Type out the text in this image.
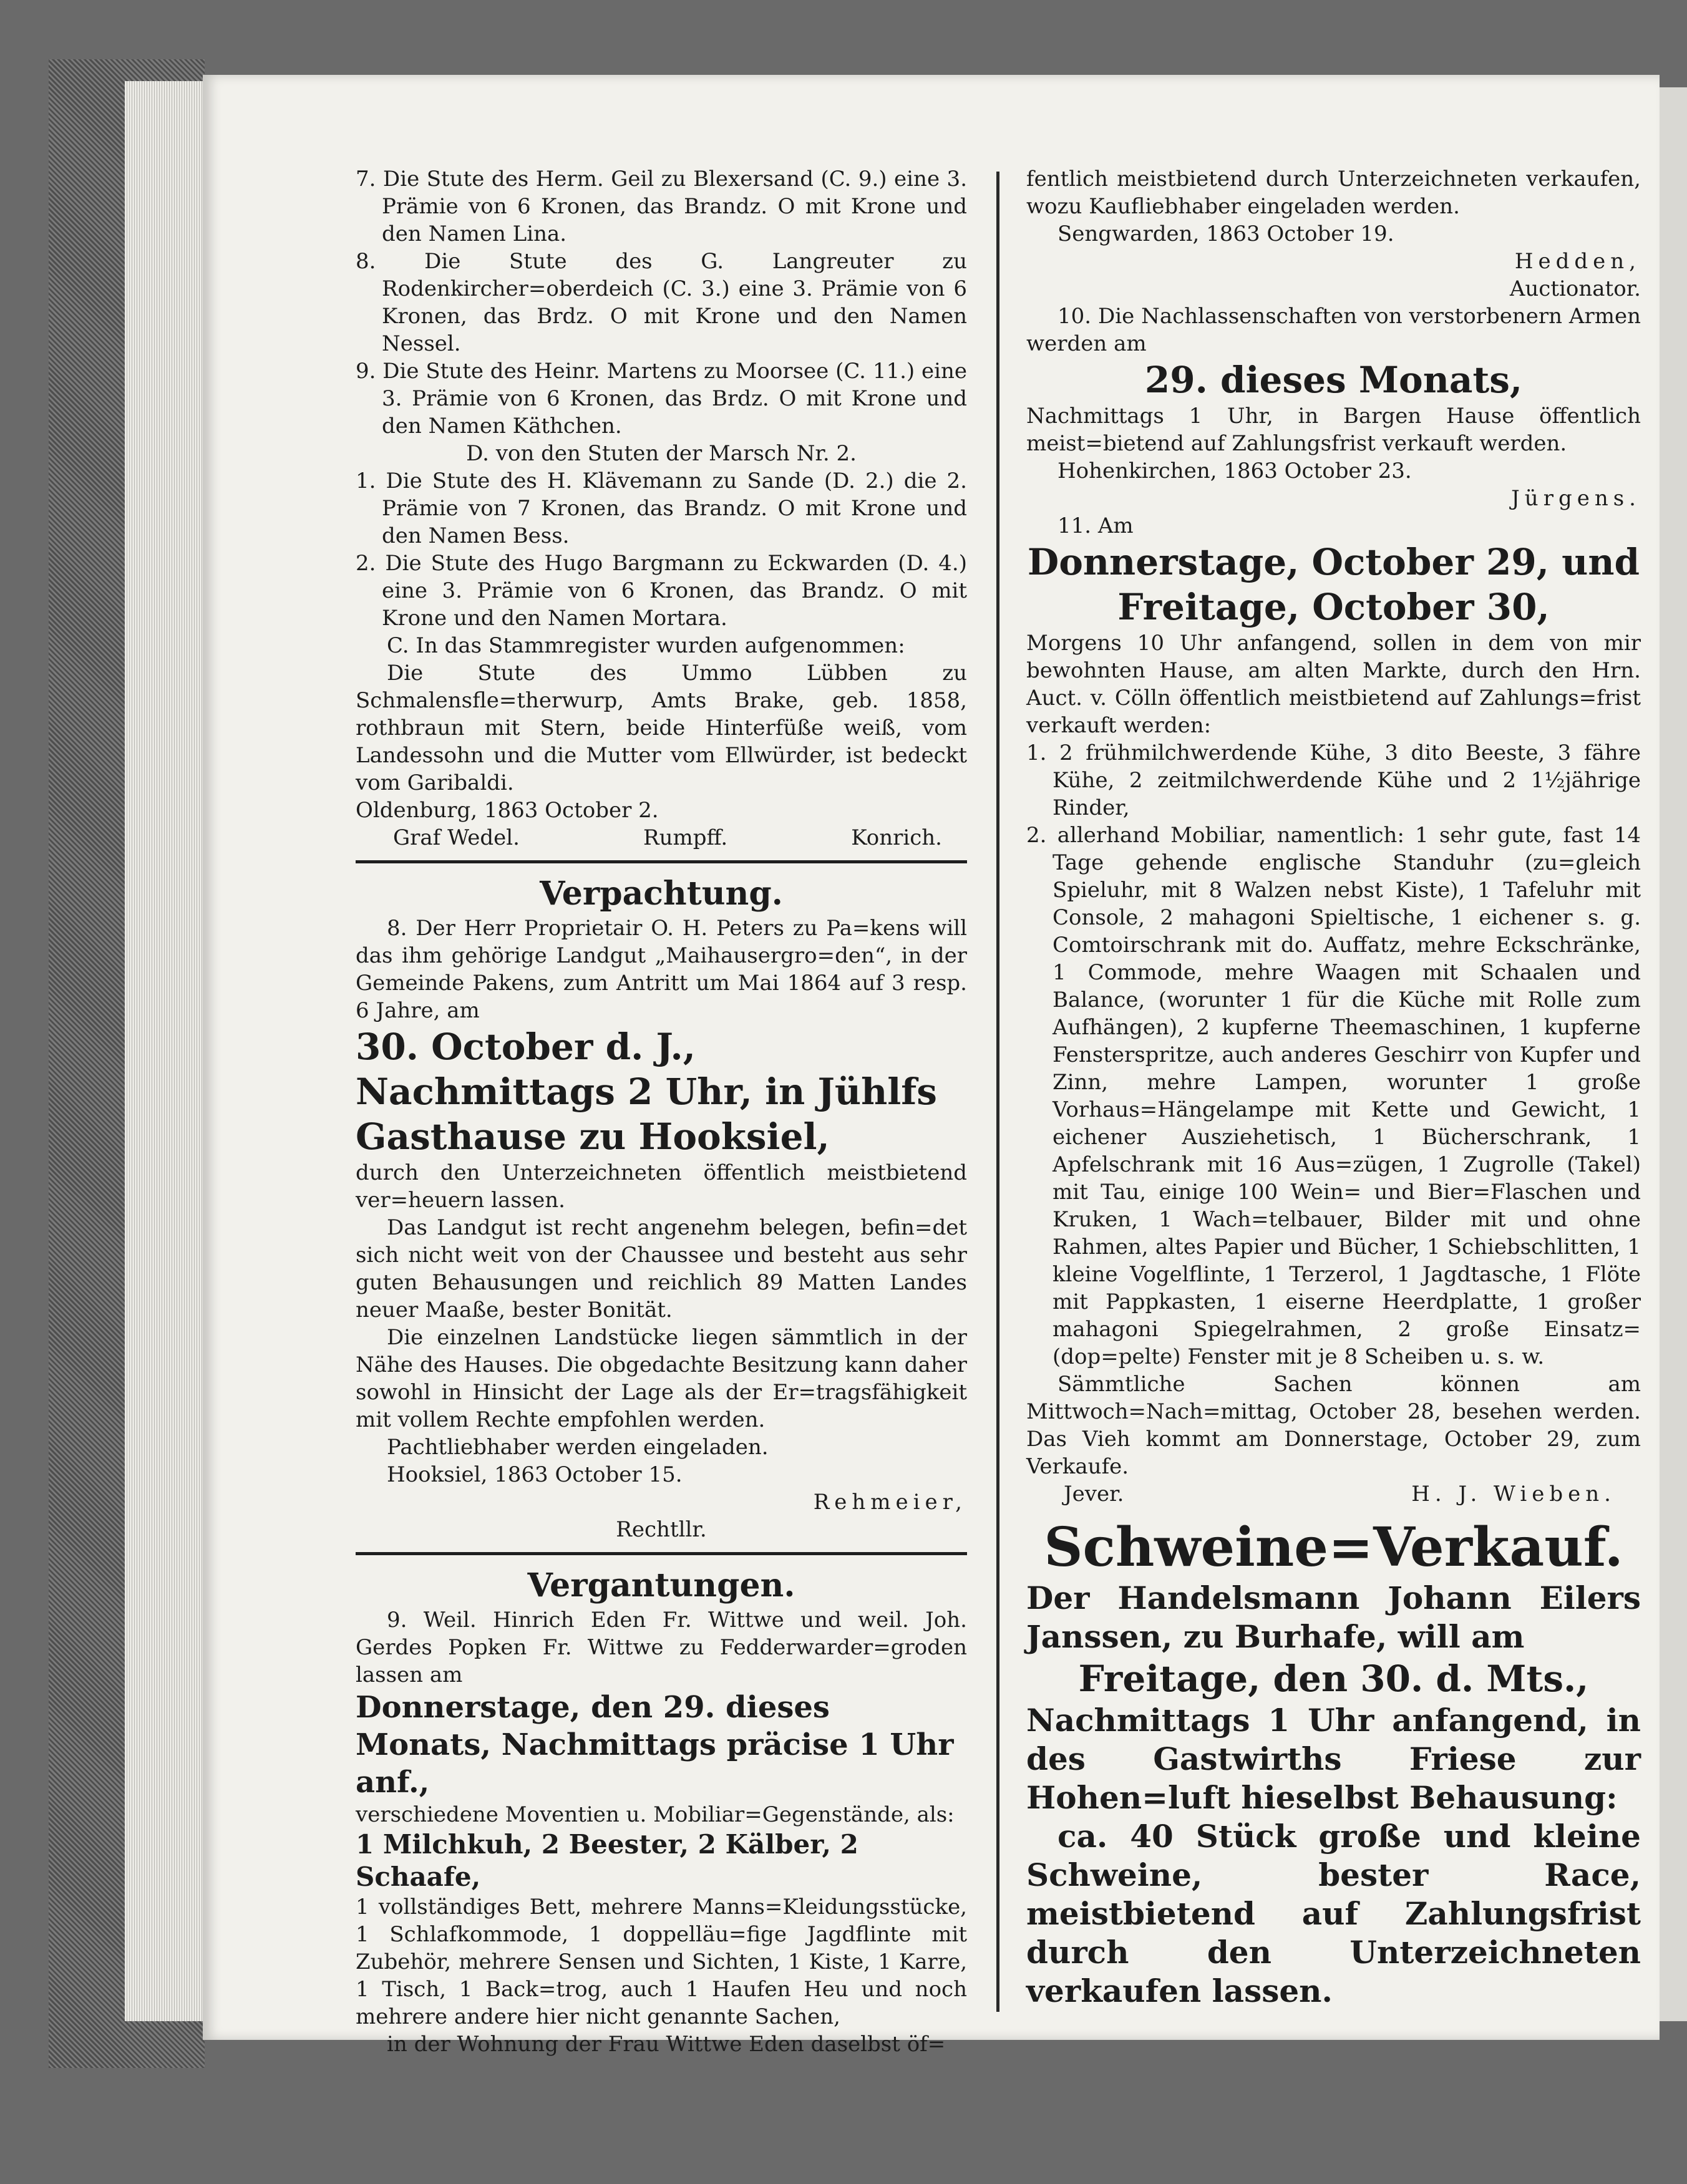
7. Die Stute des Herm. Geil zu Blexersand (C. 9.) eine 3. Prämie von 6 Kronen, das Brandz. O mit Krone und den Namen Lina.

8. Die Stute des G. Langreuter zu Rodenkircher=oberdeich (C. 3.) eine 3. Prämie von 6 Kronen, das Brdz. O mit Krone und den Namen Nessel.

9. Die Stute des Heinr. Martens zu Moorsee (C. 11.) eine 3. Prämie von 6 Kronen, das Brdz. O mit Krone und den Namen Käthchen.

D. von den Stuten der Marsch Nr. 2.

1. Die Stute des H. Klävemann zu Sande (D. 2.) die 2. Prämie von 7 Kronen, das Brandz. O mit Krone und den Namen Bess.

2. Die Stute des Hugo Bargmann zu Eckwarden (D. 4.) eine 3. Prämie von 6 Kronen, das Brandz. O mit Krone und den Namen Mortara.

C. In das Stammregister wurden aufgenommen:

Die Stute des Ummo Lübben zu Schmalensfle=therwurp, Amts Brake, geb. 1858, rothbraun mit Stern, beide Hinterfüße weiß, vom Landessohn und die Mutter vom Ellwürder, ist bedeckt vom Garibaldi.

Oldenburg, 1863 October 2.

Graf Wedel.	Rumpff.	Konrich.

Verpachtung.

8. Der Herr Proprietair O. H. Peters zu Pa=kens will das ihm gehörige Landgut „Maihausergro=den“, in der Gemeinde Pakens, zum Antritt um Mai 1864 auf 3 resp. 6 Jahre, am

30. October d. J., Nachmittags 2 Uhr, in Jühlfs Gasthause zu Hooksiel,

durch den Unterzeichneten öffentlich meistbietend ver=heuern lassen.

Das Landgut ist recht angenehm belegen, befin=det sich nicht weit von der Chaussee und besteht aus sehr guten Behausungen und reichlich 89 Matten Landes neuer Maaße, bester Bonität.

Die einzelnen Landstücke liegen sämmtlich in der Nähe des Hauses. Die obgedachte Besitzung kann daher sowohl in Hinsicht der Lage als der Er=tragsfähigkeit mit vollem Rechte empfohlen werden.

Pachtliebhaber werden eingeladen.

Hooksiel, 1863 October 15.

Rehmeier,

Rechtllr.

Vergantungen.

9. Weil. Hinrich Eden Fr. Wittwe und weil. Joh. Gerdes Popken Fr. Wittwe zu Fedderwarder=groden lassen am

Donnerstage, den 29. dieses Monats, Nachmittags präcise 1 Uhr anf.,

verschiedene Moventien u. Mobiliar=Gegenstände, als:

1 Milchkuh, 2 Beester, 2 Kälber, 2 Schaafe,

1 vollständiges Bett, mehrere Manns=Kleidungsstücke, 1 Schlafkommode, 1 doppelläu=fige Jagdflinte mit Zubehör, mehrere Sensen und Sichten, 1 Kiste, 1 Karre, 1 Tisch, 1 Back=trog, auch 1 Haufen Heu und noch mehrere andere hier nicht genannte Sachen,

in der Wohnung der Frau Wittwe Eden daselbst öf=

fentlich meistbietend durch Unterzeichneten verkaufen, wozu Kaufliebhaber eingeladen werden.

Sengwarden, 1863 October 19.

Hedden,

Auctionator.

10. Die Nachlassenschaften von verstorbenern Armen werden am

29. dieses Monats,

Nachmittags 1 Uhr, in Bargen Hause öffentlich meist=bietend auf Zahlungsfrist verkauft werden.

Hohenkirchen, 1863 October 23.

Jürgens.

11. Am

Donnerstage, October 29, und Freitage, October 30,

Morgens 10 Uhr anfangend, sollen in dem von mir bewohnten Hause, am alten Markte, durch den Hrn. Auct. v. Cölln öffentlich meistbietend auf Zahlungs=frist verkauft werden:

1. 2 frühmilchwerdende Kühe, 3 dito Beeste, 3 fähre Kühe, 2 zeitmilchwerdende Kühe und 2 1½jährige Rinder,

2. allerhand Mobiliar, namentlich: 1 sehr gute, fast 14 Tage gehende englische Standuhr (zu=gleich Spieluhr, mit 8 Walzen nebst Kiste), 1 Tafeluhr mit Console, 2 mahagoni Spieltische, 1 eichener s. g. Comtoirschrank mit do. Auffatz, mehre Eckschränke, 1 Commode, mehre Waagen mit Schaalen und Balance, (worunter 1 für die Küche mit Rolle zum Aufhängen), 2 kupferne Theemaschinen, 1 kupferne Fensterspritze, auch anderes Geschirr von Kupfer und Zinn, mehre Lampen, worunter 1 große Vorhaus=Hängelampe mit Kette und Gewicht, 1 eichener Ausziehetisch, 1 Bücherschrank, 1 Apfelschrank mit 16 Aus=zügen, 1 Zugrolle (Takel) mit Tau, einige 100 Wein= und Bier=Flaschen und Kruken, 1 Wach=telbauer, Bilder mit und ohne Rahmen, altes Papier und Bücher, 1 Schiebschlitten, 1 kleine Vogelflinte, 1 Terzerol, 1 Jagdtasche, 1 Flöte mit Pappkasten, 1 eiserne Heerdplatte, 1 großer mahagoni Spiegelrahmen, 2 große Einsatz= (dop=pelte) Fenster mit je 8 Scheiben u. s. w.

Sämmtliche Sachen können am Mittwoch=Nach=mittag, October 28, besehen werden. Das Vieh kommt am Donnerstage, October 29, zum Verkaufe.

Jever.	H. J. Wieben.

Schweine=Verkauf.

Der Handelsmann Johann Eilers Janssen, zu Burhafe, will am

Freitage, den 30. d. Mts.,

Nachmittags 1 Uhr anfangend, in des Gastwirths Friese zur Hohen=luft hieselbst Behausung:

ca. 40 Stück große und kleine Schweine, bester Race, meistbietend auf Zahlungsfrist durch den Unterzeichneten verkaufen lassen.
